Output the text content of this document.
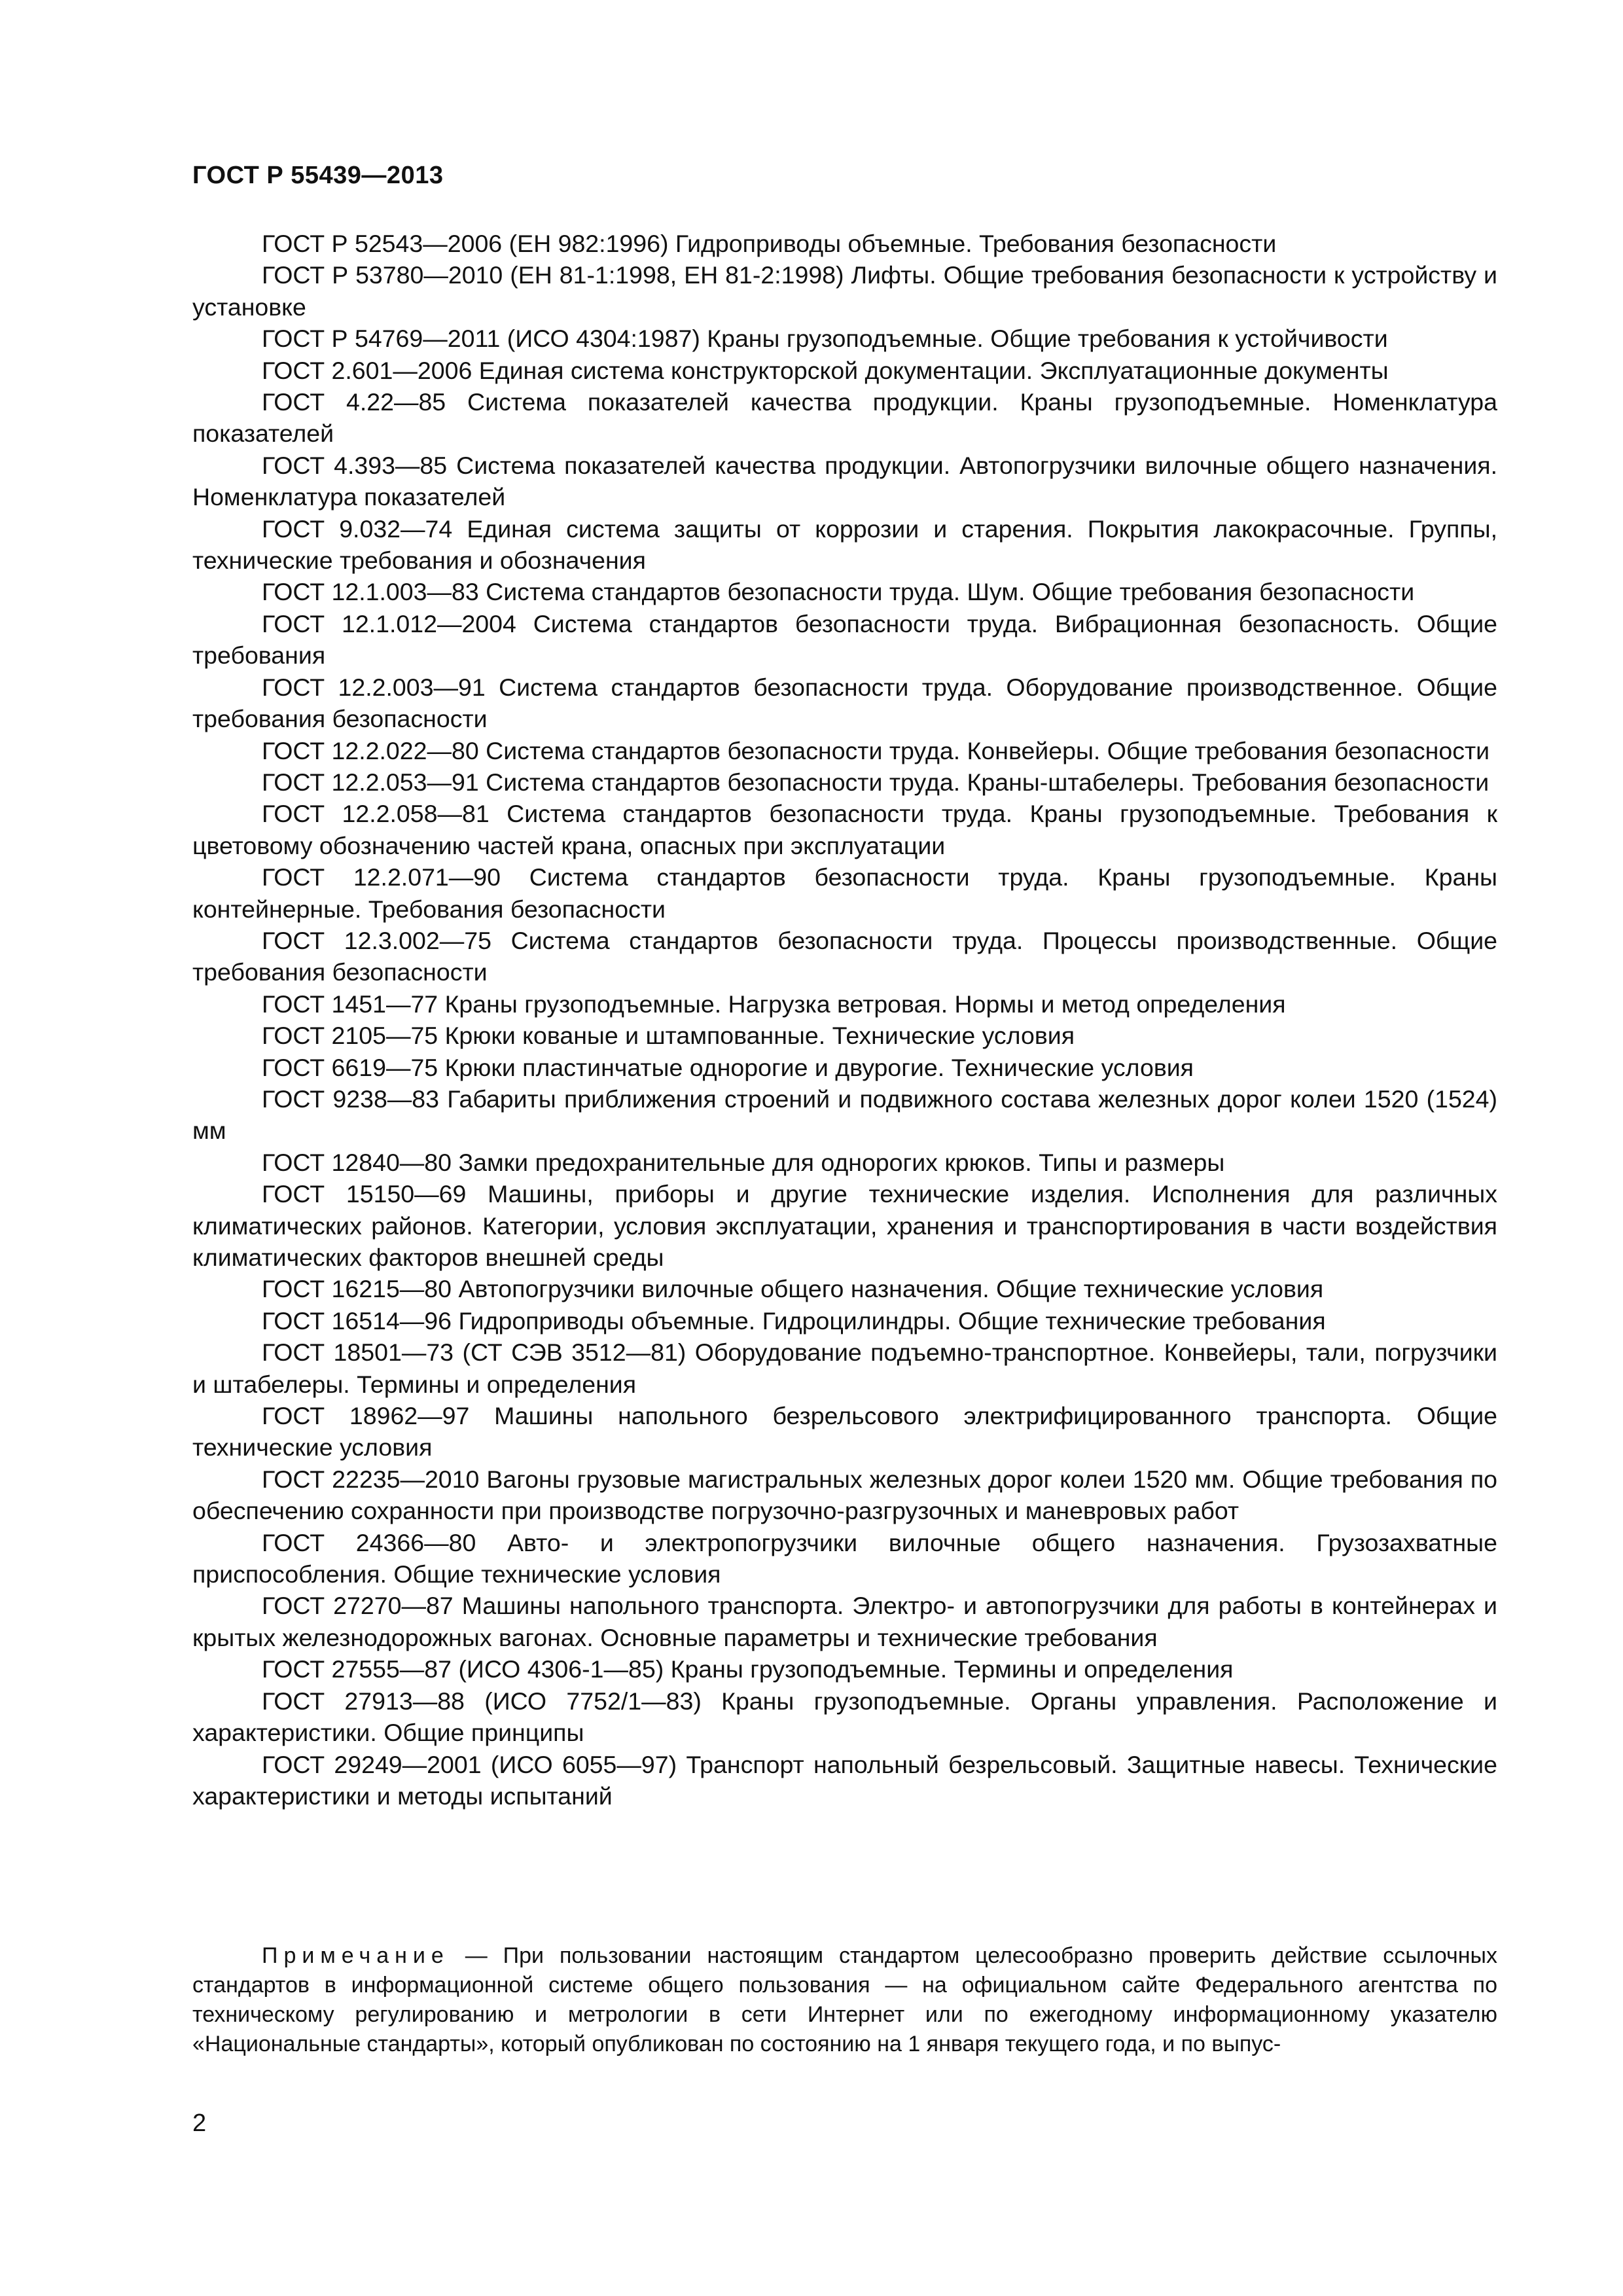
ГОСТ Р 55439—2013

ГОСТ Р 52543—2006 (ЕН 982:1996) Гидроприводы объемные. Требования безопасности

ГОСТ Р 53780—2010 (ЕН 81-1:1998, ЕН 81-2:1998) Лифты. Общие требования безопасности к устройству и установке

ГОСТ Р 54769—2011 (ИСО 4304:1987) Краны грузоподъемные. Общие требования к устойчивости

ГОСТ 2.601—2006 Единая система конструкторской документации. Эксплуатационные документы

ГОСТ 4.22—85 Система показателей качества продукции. Краны грузоподъемные. Номенклатура показателей

ГОСТ 4.393—85 Система показателей качества продукции. Автопогрузчики вилочные общего назначения. Номенклатура показателей

ГОСТ 9.032—74 Единая система защиты от коррозии и старения. Покрытия лакокрасочные. Группы, технические требования и обозначения

ГОСТ 12.1.003—83 Система стандартов безопасности труда. Шум. Общие требования безопасности

ГОСТ 12.1.012—2004 Система стандартов безопасности труда. Вибрационная безопасность. Общие требования

ГОСТ 12.2.003—91 Система стандартов безопасности труда. Оборудование производственное. Общие требования безопасности

ГОСТ 12.2.022—80 Система стандартов безопасности труда. Конвейеры. Общие требования безопасности

ГОСТ 12.2.053—91 Система стандартов безопасности труда. Краны-штабелеры. Требования безопасности

ГОСТ 12.2.058—81 Система стандартов безопасности труда. Краны грузоподъемные. Требования к цветовому обозначению частей крана, опасных при эксплуатации

ГОСТ 12.2.071—90 Система стандартов безопасности труда. Краны грузоподъемные. Краны контейнерные. Требования безопасности

ГОСТ 12.3.002—75 Система стандартов безопасности труда. Процессы производственные. Общие требования безопасности

ГОСТ 1451—77 Краны грузоподъемные. Нагрузка ветровая. Нормы и метод определения

ГОСТ 2105—75 Крюки кованые и штампованные. Технические условия

ГОСТ 6619—75 Крюки пластинчатые однорогие и двурогие. Технические условия

ГОСТ 9238—83 Габариты приближения строений и подвижного состава железных дорог колеи 1520 (1524) мм

ГОСТ 12840—80 Замки предохранительные для однорогих крюков. Типы и размеры

ГОСТ 15150—69 Машины, приборы и другие технические изделия. Исполнения для различных климатических районов. Категории, условия эксплуатации, хранения и транспортирования в части воздействия климатических факторов внешней среды

ГОСТ 16215—80 Автопогрузчики вилочные общего назначения. Общие технические условия

ГОСТ 16514—96 Гидроприводы объемные. Гидроцилиндры. Общие технические требования

ГОСТ 18501—73 (СТ СЭВ 3512—81) Оборудование подъемно-транспортное. Конвейеры, тали, погрузчики и штабелеры. Термины и определения

ГОСТ 18962—97 Машины напольного безрельсового электрифицированного транспорта. Общие технические условия

ГОСТ 22235—2010 Вагоны грузовые магистральных железных дорог колеи 1520 мм. Общие требования по обеспечению сохранности при производстве погрузочно-разгрузочных и маневровых работ

ГОСТ 24366—80 Авто- и электропогрузчики вилочные общего назначения. Грузозахватные приспособления. Общие технические условия

ГОСТ 27270—87 Машины напольного транспорта. Электро- и автопогрузчики для работы в контейнерах и крытых железнодорожных вагонах. Основные параметры и технические требования

ГОСТ 27555—87 (ИСО 4306-1—85) Краны грузоподъемные. Термины и определения

ГОСТ 27913—88 (ИСО 7752/1—83) Краны грузоподъемные. Органы управления. Расположение и характеристики. Общие принципы

ГОСТ 29249—2001 (ИСО 6055—97) Транспорт напольный безрельсовый. Защитные навесы. Технические характеристики и методы испытаний

Примечание — При пользовании настоящим стандартом целесообразно проверить действие ссылочных стандартов в информационной системе общего пользования — на официальном сайте Федерального агентства по техническому регулированию и метрологии в сети Интернет или по ежегодному информационному указателю «Национальные стандарты», который опубликован по состоянию на 1 января текущего года, и по выпус-
2
